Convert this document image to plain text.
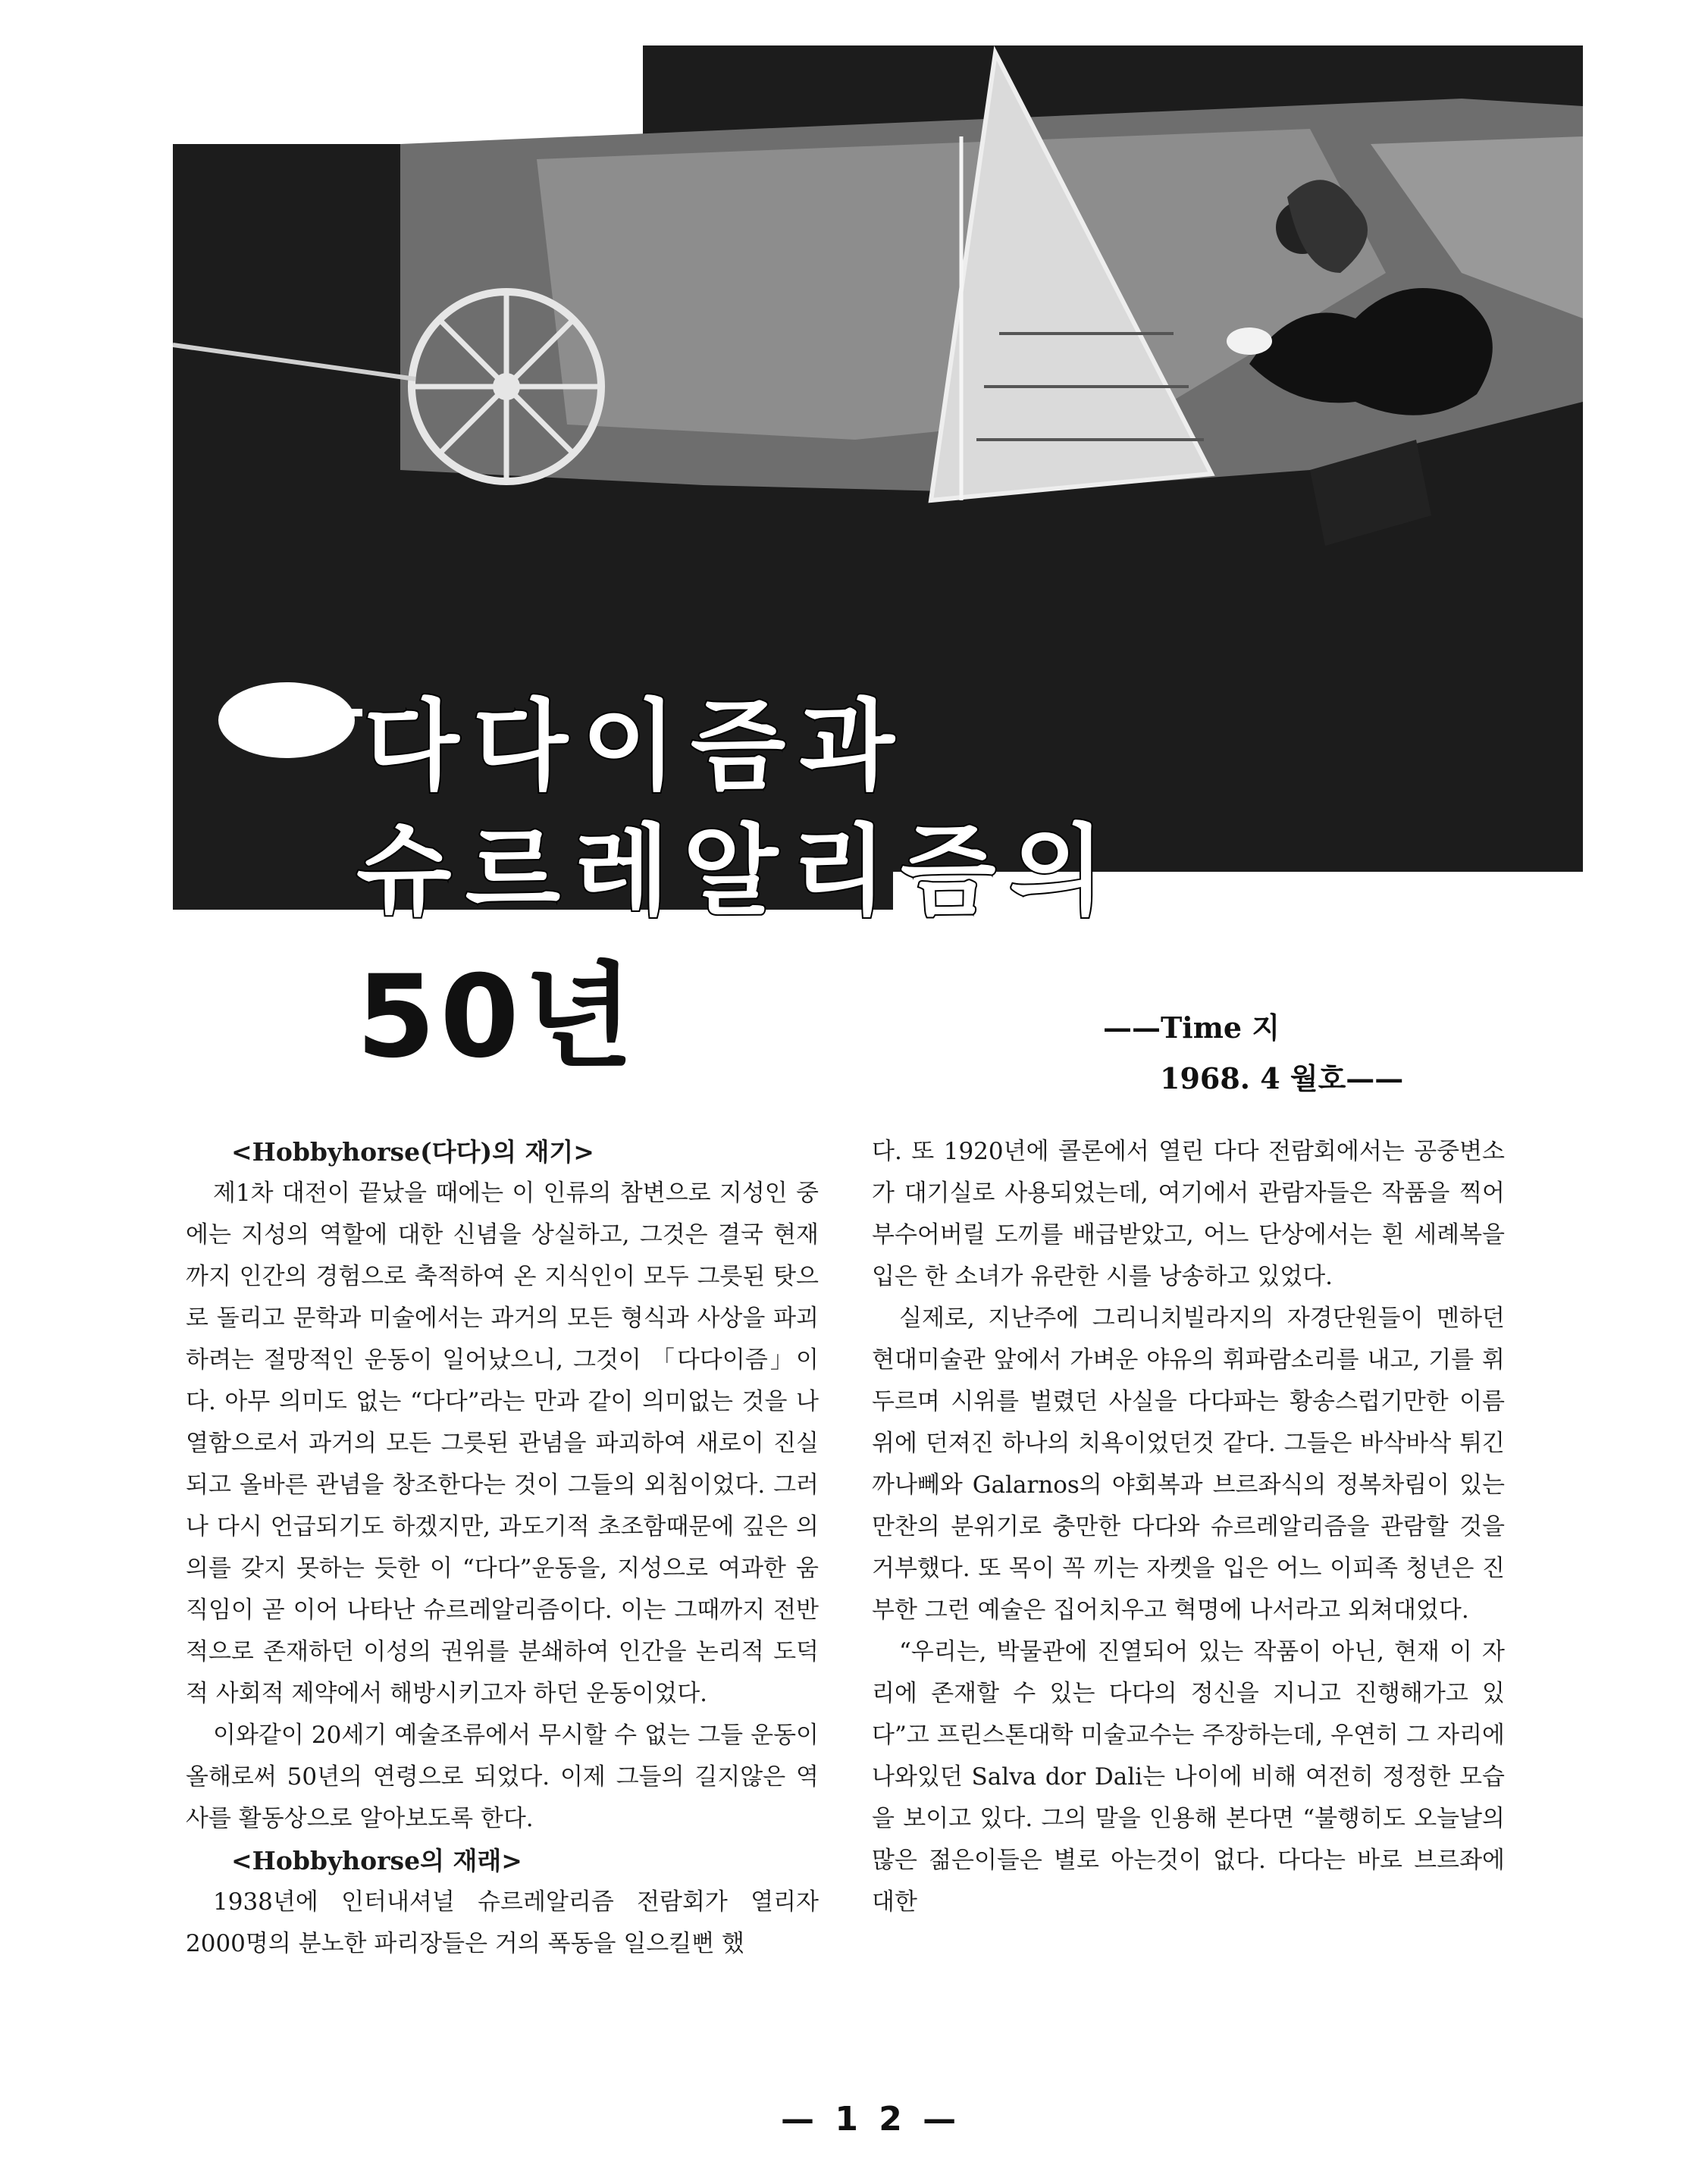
다다이즘과
슈르레알리즘의
50년	——Time 지
1968. 4 월호——
<Hobbyhorse(다다)의 재기>

제1차 대전이 끝났을 때에는 이 인류의 참변으로 지성인 중에는 지성의 역할에 대한 신념을 상실하고, 그것은 결국 현재까지 인간의 경험으로 축적하여 온 지식인이 모두 그릇된 탓으로 돌리고 문학과 미술에서는 과거의 모든 형식과 사상을 파괴하려는 절망적인 운동이 일어났으니, 그것이 「다다이즘」이다. 아무 의미도 없는 “다다”라는 만과 같이 의미없는 것을 나열함으로서 과거의 모든 그릇된 관념을 파괴하여 새로이 진실되고 올바른 관념을 창조한다는 것이 그들의 외침이었다. 그러나 다시 언급되기도 하겠지만, 과도기적 초조함때문에 깊은 의의를 갖지 못하는 듯한 이 “다다”운동을, 지성으로 여과한 움직임이 곧 이어 나타난 슈르레알리즘이다. 이는 그때까지 전반적으로 존재하던 이성의 권위를 분쇄하여 인간을 논리적 도덕적 사회적 제약에서 해방시키고자 하던 운동이었다.

이와같이 20세기 예술조류에서 무시할 수 없는 그들 운동이 올해로써 50년의 연령으로 되었다. 이제 그들의 길지않은 역사를 활동상으로 알아보도록 한다.

<Hobbyhorse의 재래>

1938년에 인터내셔널 슈르레알리즘 전람회가 열리자 2000명의 분노한 파리장들은 거의 폭동을 일으킬뻔 했

다. 또 1920년에 콜론에서 열린 다다 전람회에서는 공중변소가 대기실로 사용되었는데, 여기에서 관람자들은 작품을 찍어 부수어버릴 도끼를 배급받았고, 어느 단상에서는 흰 세례복을 입은 한 소녀가 유란한 시를 낭송하고 있었다.

실제로, 지난주에 그리니치빌라지의 자경단원들이 멘하던 현대미술관 앞에서 가벼운 야유의 휘파람소리를 내고, 기를 휘두르며 시위를 벌렸던 사실을 다다파는 황송스럽기만한 이름 위에 던져진 하나의 치욕이었던것 같다. 그들은 바삭바삭 튀긴 까나뻬와 Galarnos의 야회복과 브르좌식의 정복차림이 있는 만찬의 분위기로 충만한 다다와 슈르레알리즘을 관람할 것을 거부했다. 또 목이 꼭 끼는 자켓을 입은 어느 이피족 청년은 진부한 그런 예술은 집어치우고 혁명에 나서라고 외쳐대었다.

“우리는, 박물관에 진열되어 있는 작품이 아닌, 현재 이 자리에 존재할 수 있는 다다의 정신을 지니고 진행해가고 있다”고 프린스톤대학 미술교수는 주장하는데, 우연히 그 자리에 나와있던 Salva dor Dali는 나이에 비해 여전히 정정한 모습을 보이고 있다. 그의 말을 인용해 본다면 “불행히도 오늘날의 많은 젊은이들은 별로 아는것이 없다. 다다는 바로 브르좌에 대한

— 1 2 —
